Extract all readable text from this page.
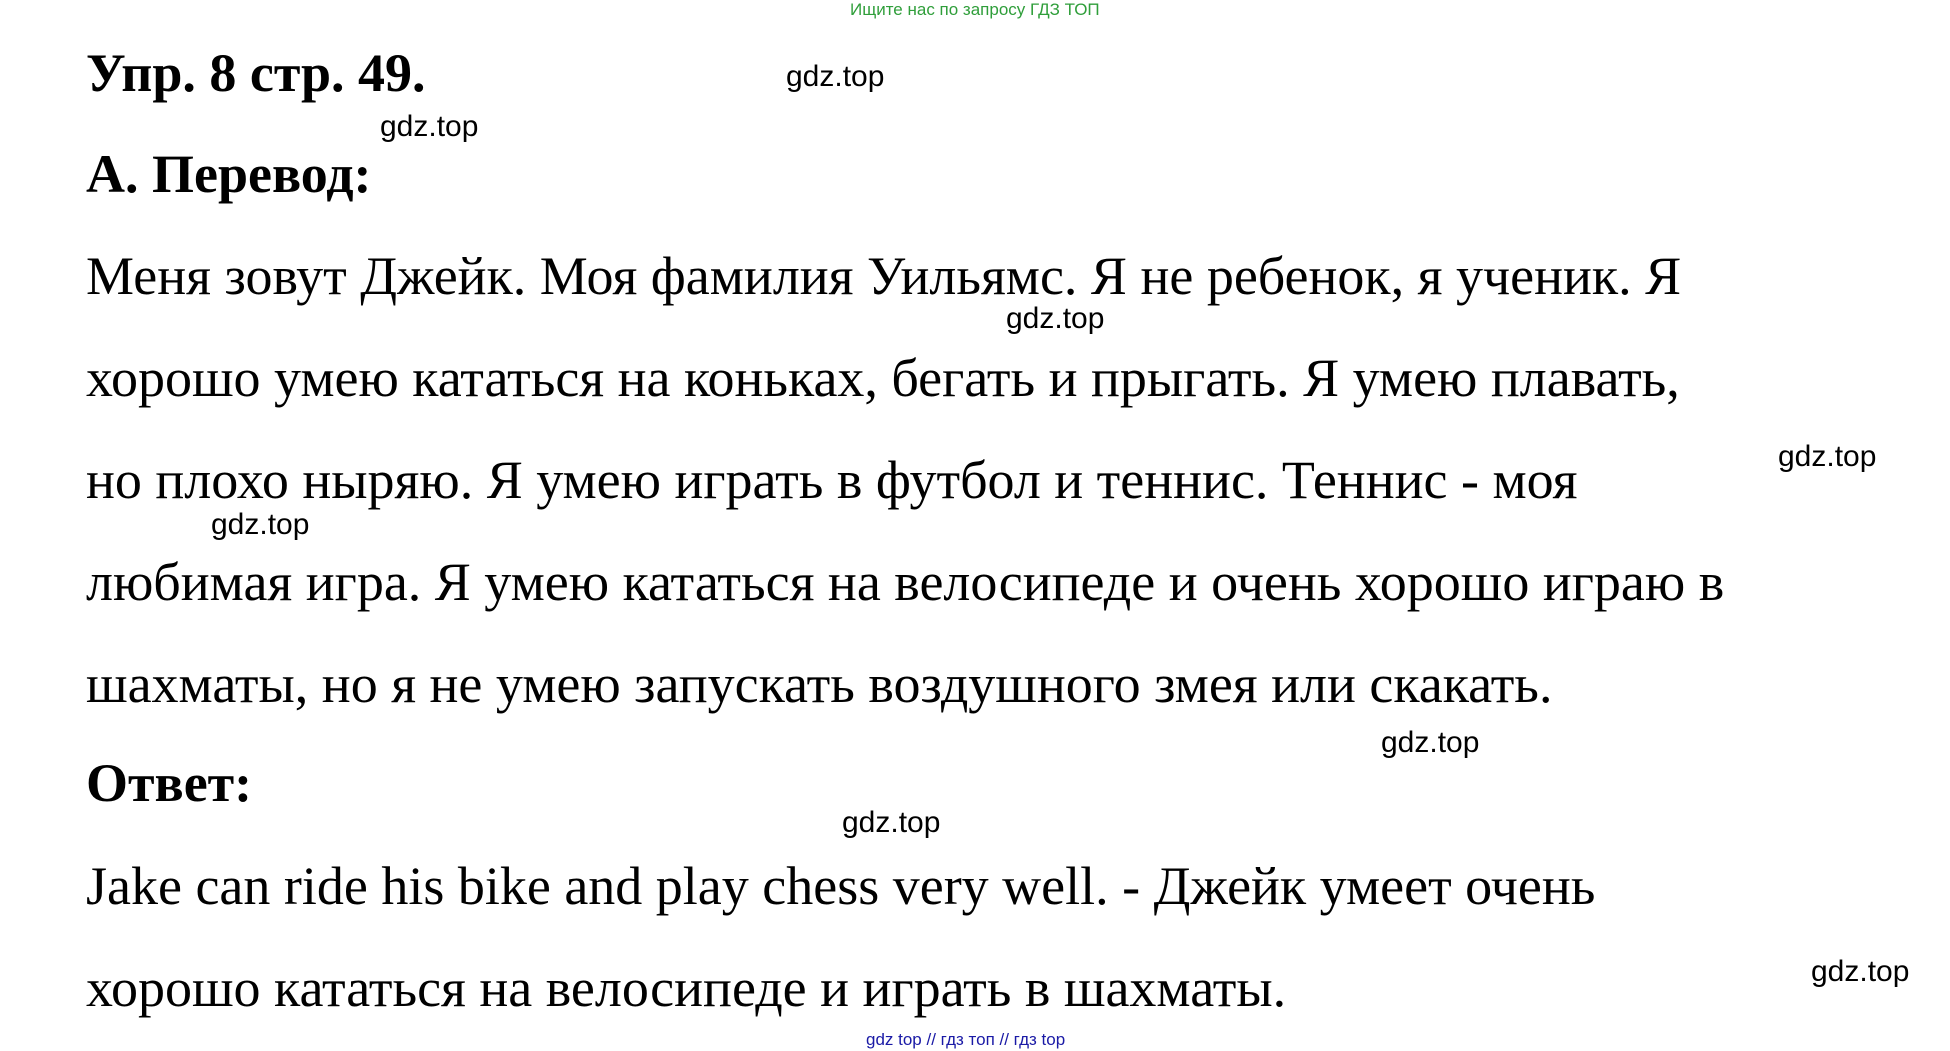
Ищите нас по запросу ГДЗ ТОП
Упр. 8 стр. 49.
А. Перевод:
Меня зовут Джейк. Моя фамилия Уильямс. Я не ребенок, я ученик. Я
хорошо умею кататься на коньках, бегать и прыгать. Я умею плавать,
но плохо ныряю. Я умею играть в футбол и теннис. Теннис - моя
любимая игра. Я умею кататься на велосипеде и очень хорошо играю в
шахматы, но я не умею запускать воздушного змея или скакать.
Ответ:
Jake can ride his bike and play chess very well. - Джейк умеет очень
хорошо кататься на велосипеде и играть в шахматы.
gdz.top
gdz.top
gdz.top
gdz.top
gdz.top
gdz.top
gdz.top
gdz.top
gdz top // гдз топ // гдз top
